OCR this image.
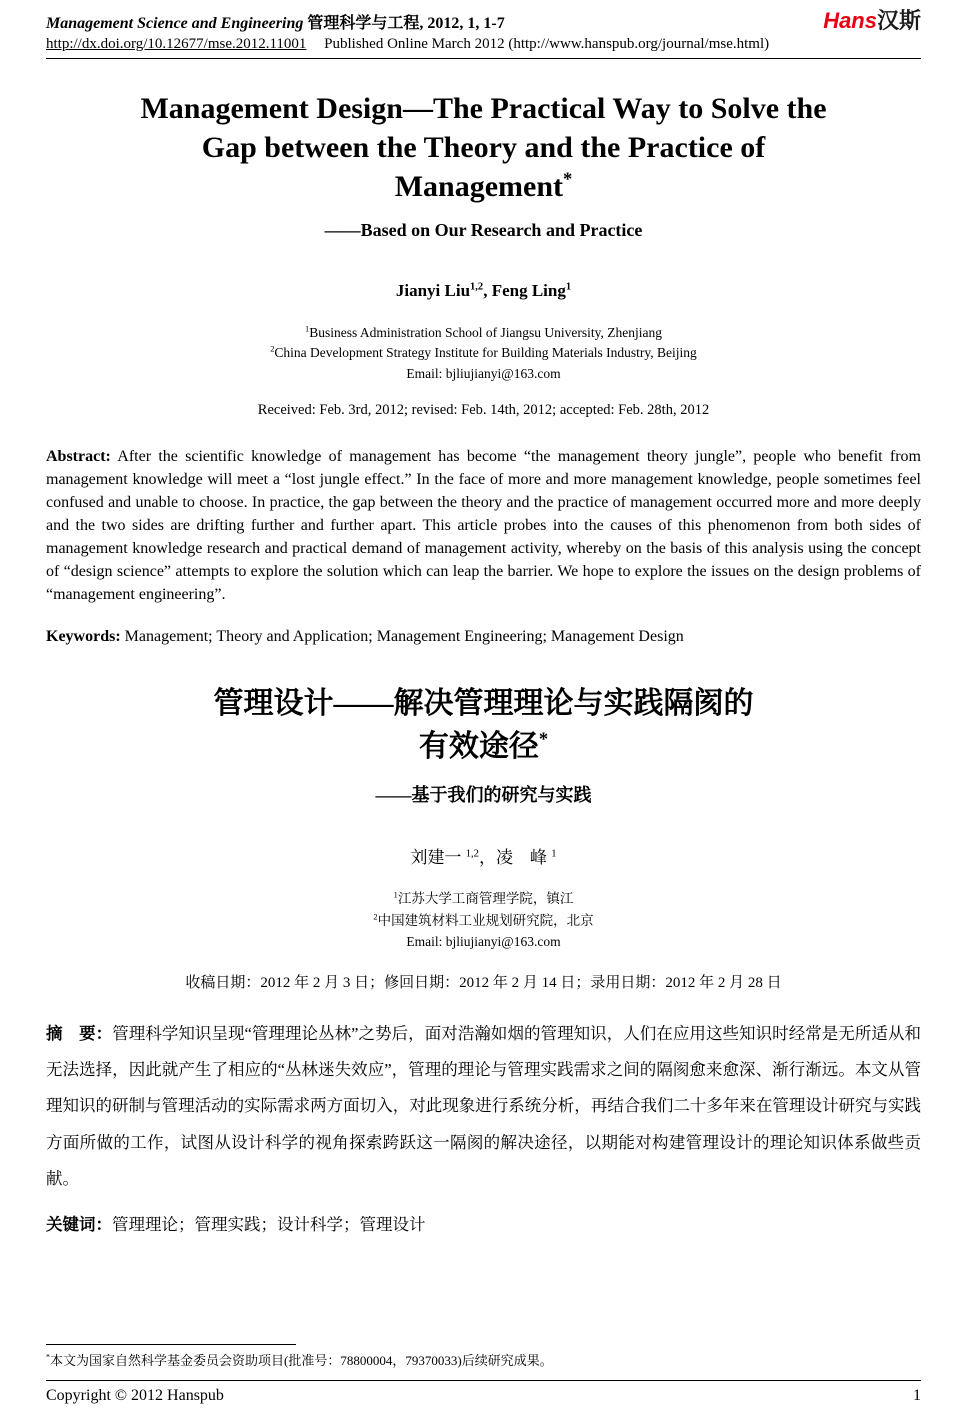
Management Science and Engineering 管理科学与工程, 2012, 1, 1-7	Hans汉斯
http://dx.doi.org/10.12677/mse.2012.11001 Published Online March 2012 (http://www.hanspub.org/journal/mse.html)
Management Design—The Practical Way to Solve the
Gap between the Theory and the Practice of
Management*
——Based on Our Research and Practice
Jianyi Liu$^{1,2}$, Feng Ling$^1$
$^1$Business Administration School of Jiangsu University, Zhenjiang
$^2$China Development Strategy Institute for Building Materials Industry, Beijing
Email: bjliujianyi@163.com
Received: Feb. 3rd, 2012; revised: Feb. 14th, 2012; accepted: Feb. 28th, 2012

Abstract: After the scientific knowledge of management has become “the management theory jungle”, people who benefit from management knowledge will meet a “lost jungle effect.” In the face of more and more management knowledge, people sometimes feel confused and unable to choose. In practice, the gap between the theory and the practice of management occurred more and more deeply and the two sides are drifting further and further apart. This article probes into the causes of this phenomenon from both sides of management knowledge research and practical demand of management activity, whereby on the basis of this analysis using the concept of “design science” attempts to explore the solution which can leap the barrier. We hope to explore the issues on the design problems of “management engineering”.

Keywords: Management; Theory and Application; Management Engineering; Management Design

管理设计——解决管理理论与实践隔阂的
有效途径*
——基于我们的研究与实践
刘建一 $^{1,2}$，凌　峰 $^1$
$^1$江苏大学工商管理学院，镇江
$^2$中国建筑材料工业规划研究院，北京
Email: bjliujianyi@163.com
收稿日期：2012 年 2 月 3 日；修回日期：2012 年 2 月 14 日；录用日期：2012 年 2 月 28 日

摘　要：管理科学知识呈现“管理理论丛林”之势后，面对浩瀚如烟的管理知识，人们在应用这些知识时经常是无所适从和无法选择，因此就产生了相应的“丛林迷失效应”，管理的理论与管理实践需求之间的隔阂愈来愈深、渐行渐远。本文从管理知识的研制与管理活动的实际需求两方面切入，对此现象进行系统分析，再结合我们二十多年来在管理设计研究与实践方面所做的工作，试图从设计科学的视角探索跨跃这一隔阂的解决途径，以期能对构建管理设计的理论知识体系做些贡献。

关键词：管理理论；管理实践；设计科学；管理设计

*本文为国家自然科学基金委员会资助项目(批准号：78800004，79370033)后续研究成果。

Copyright © 2012 Hanspub	1
